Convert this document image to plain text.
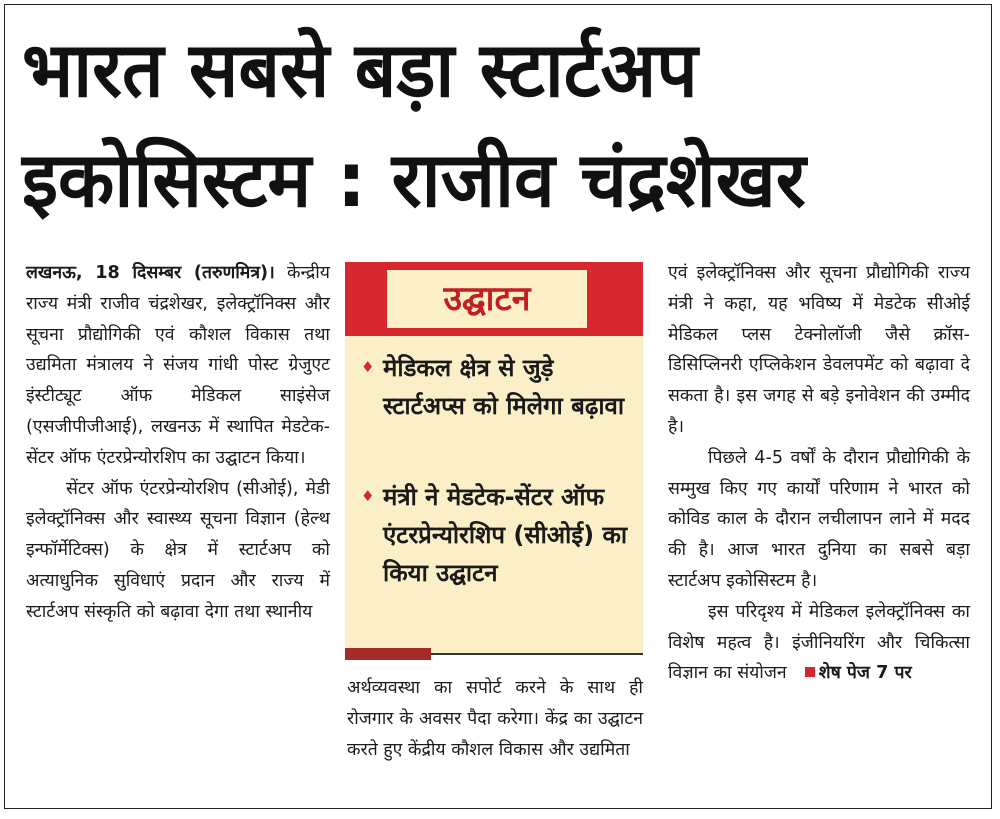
भारत सबसे बड़ा स्टार्टअप
इकोसिस्टम : राजीव चंद्रशेखर

लखनऊ, 18 दिसम्बर (तरुणमित्र)। केन्द्रीय राज्य मंत्री राजीव चंद्रशेखर, इलेक्ट्रॉनिक्स और सूचना प्रौद्योगिकी एवं कौशल विकास तथा उद्यमिता मंत्रालय ने संजय गांधी पोस्ट ग्रेजुएट इंस्टीट्यूट ऑफ मेडिकल साइंसेज (एसजीपीजीआई), लखनऊ में स्थापित मेडटेक- सेंटर ऑफ एंटरप्रेन्योरशिप का उद्घाटन किया।

सेंटर ऑफ एंटरप्रेन्योरशिप (सीओई), मेडी इलेक्ट्रॉनिक्स और स्वास्थ्य सूचना विज्ञान (हेल्थ इन्फॉर्मेटिक्स) के क्षेत्र में स्टार्टअप को अत्याधुनिक सुविधाएं प्रदान और राज्य में स्टार्टअप संस्कृति को बढ़ावा देगा तथा स्थानीय

उद्घाटन
♦ मेडिकल क्षेत्र से जुड़े स्टार्टअप्स को मिलेगा बढ़ावा
♦ मंत्री ने मेडटेक-सेंटर ऑफ एंटरप्रेन्योरशिप (सीओई) का किया उद्घाटन

अर्थव्यवस्था का सपोर्ट करने के साथ ही रोजगार के अवसर पैदा करेगा। केंद्र का उद्घाटन करते हुए केंद्रीय कौशल विकास और उद्यमिता

एवं इलेक्ट्रॉनिक्स और सूचना प्रौद्योगिकी राज्य मंत्री ने कहा, यह भविष्य में मेडटेक सीओई मेडिकल प्लस टेक्नोलॉजी जैसे क्रॉस-डिसिप्लिनरी एप्लिकेशन डेवलपमेंट को बढ़ावा दे सकता है। इस जगह से बड़े इनोवेशन की उम्मीद है।

पिछले 4-5 वर्षों के दौरान प्रौद्योगिकी के सम्मुख किए गए कार्यों परिणाम ने भारत को कोविड काल के दौरान लचीलापन लाने में मदद की है। आज भारत दुनिया का सबसे बड़ा स्टार्टअप इकोसिस्टम है।

इस परिदृश्य में मेडिकल इलेक्ट्रॉनिक्स का विशेष महत्व है। इंजीनियरिंग और चिकित्सा विज्ञान का संयोजन शेष पेज 7 पर
